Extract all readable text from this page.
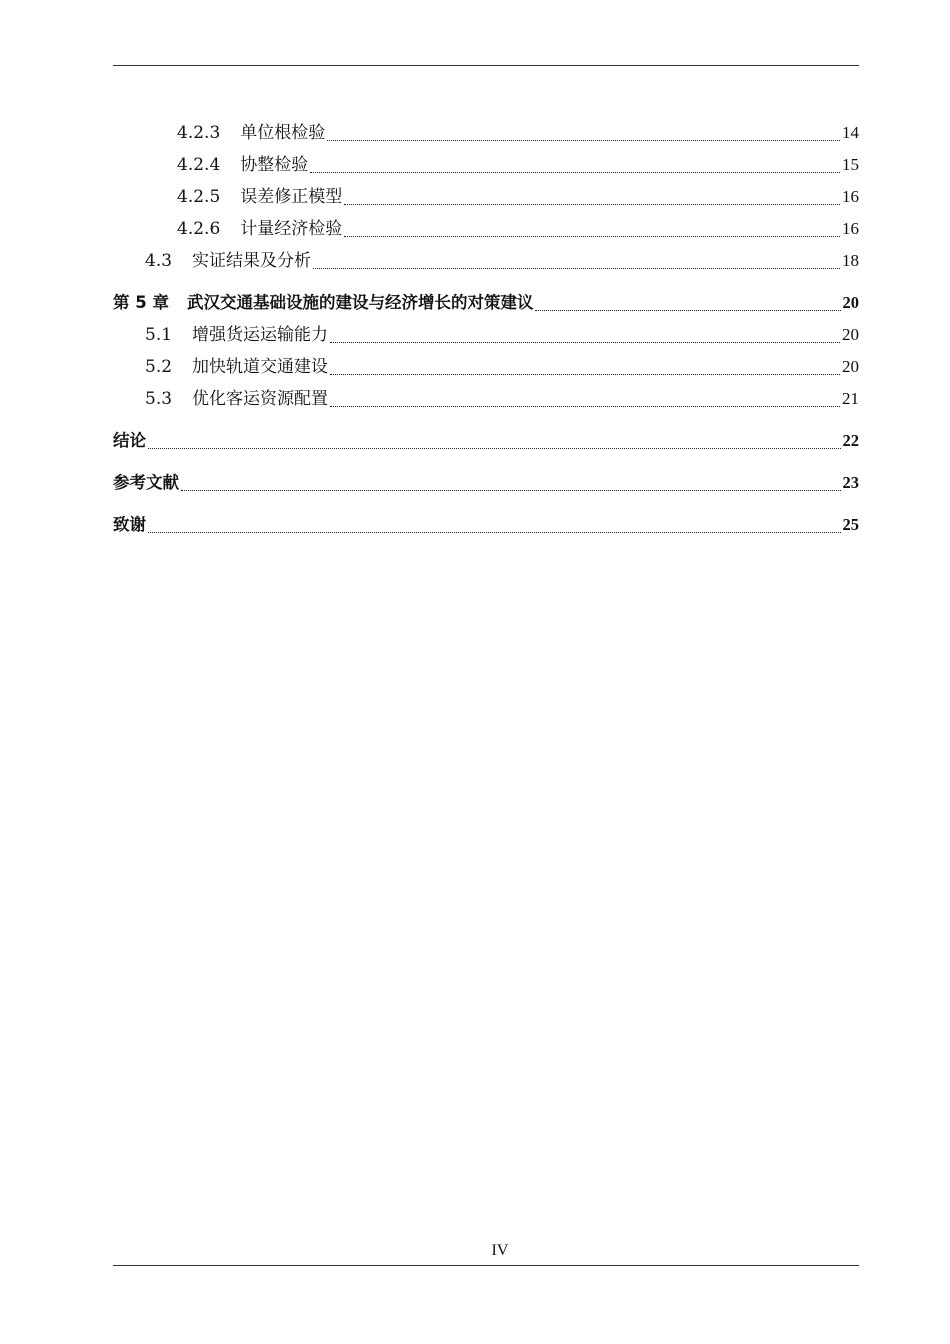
4.2.3 单位根检验	14
4.2.4 协整检验	15
4.2.5 误差修正模型	16
4.2.6 计量经济检验	16
4.3 实证结果及分析	18
第 5 章 武汉交通基础设施的建设与经济增长的对策建议	20
5.1 增强货运运输能力	20
5.2 加快轨道交通建设	20
5.3 优化客运资源配置	21
结论	22
参考文献	23
致谢	25
IV
